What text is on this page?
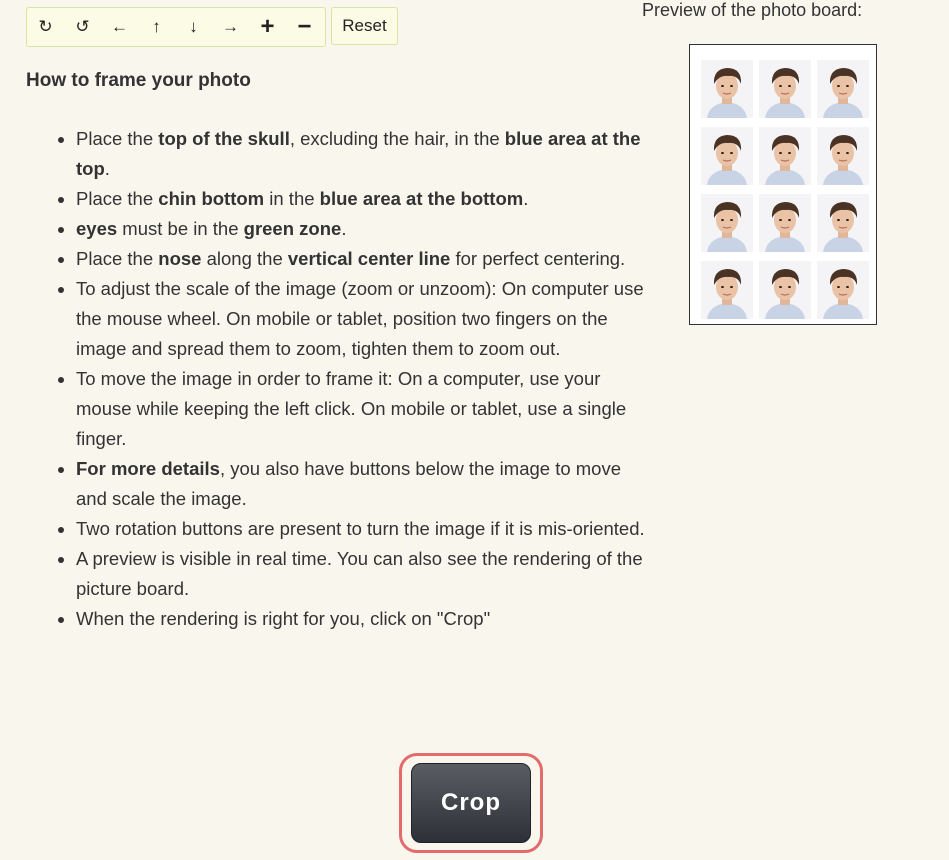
↻ ↺ ← ↑ ↓ → + −	Reset
How to frame your photo
• Place the top of the skull, excluding the hair, in the blue area at the top.
• Place the chin bottom in the blue area at the bottom.
• eyes must be in the green zone.
• Place the nose along the vertical center line for perfect centering.
• To adjust the scale of the image (zoom or unzoom): On computer use the mouse wheel. On mobile or tablet, position two fingers on the image and spread them to zoom, tighten them to zoom out.
• To move the image in order to frame it: On a computer, use your mouse while keeping the left click. On mobile or tablet, use a single finger.
• For more details, you also have buttons below the image to move and scale the image.
• Two rotation buttons are present to turn the image if it is mis-oriented.
• A preview is visible in real time. You can also see the rendering of the picture board.
• When the rendering is right for you, click on "Crop"
Preview of the photo board:
Crop
